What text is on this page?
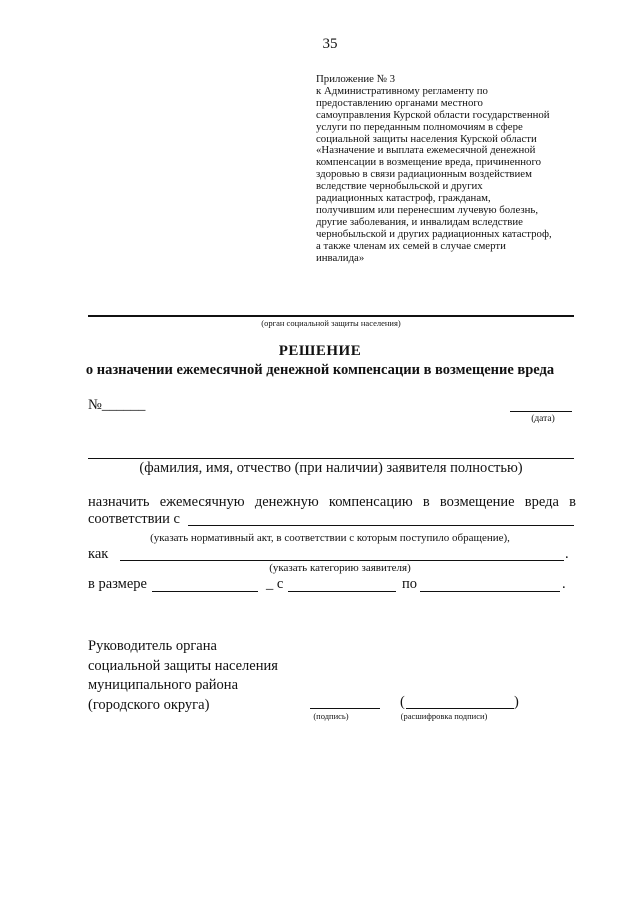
35
Приложение № 3
к Административному регламенту по
предоставлению органами местного
самоуправления Курской области государственной
услуги по переданным полномочиям в сфере
социальной защиты населения Курской области
«Назначение и выплата ежемесячной денежной
компенсации в возмещение вреда, причиненного
здоровью в связи радиационным воздействием
вследствие чернобыльской и других
радиационных катастроф, гражданам,
получившим или перенесшим лучевую болезнь,
другие заболевания, и инвалидам вследствие
чернобыльской и других радиационных катастроф,
а также членам их семей в случае смерти
инвалида»
(орган социальной защиты населения)
РЕШЕНИЕ
о назначении ежемесячной денежной компенсации в возмещение вреда
№______
(дата)
(фамилия, имя, отчество (при наличии) заявителя полностью)
назначить ежемесячную денежную компенсацию в возмещение вреда в
соответствии с
(указать нормативный акт, в соответствии с которым поступило обращение),
как	.
(указать категорию заявителя)
в размере	_ с	по	.
Руководитель органа
социальной защиты населения
муниципального района
(городского округа)
(подпись)
(	)
(расшифровка подписи)
